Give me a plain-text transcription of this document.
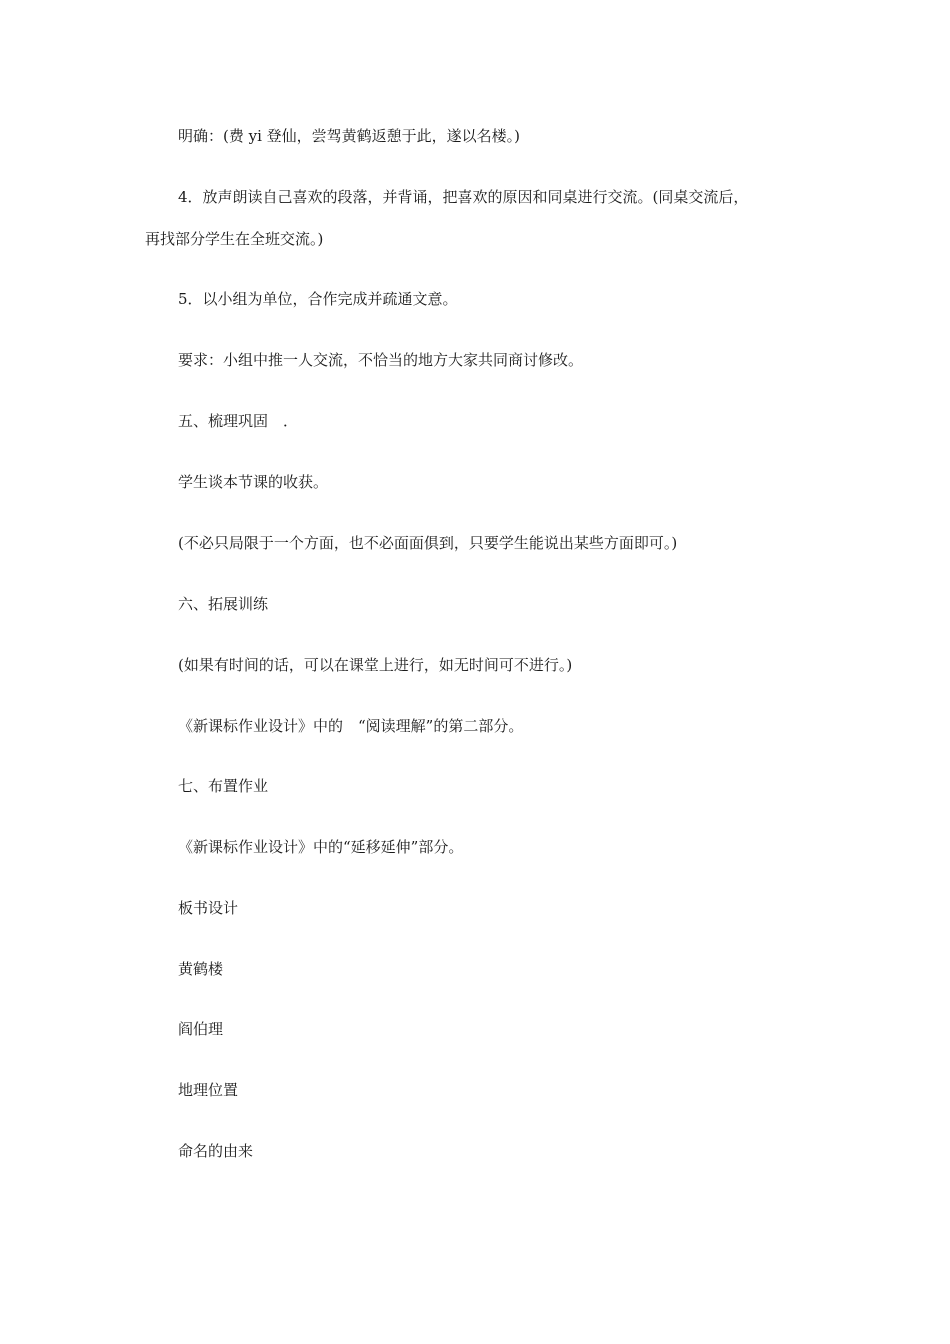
明确：(费 yi 登仙，尝驾黄鹤返憩于此，遂以名楼。)
4．放声朗读自己喜欢的段落，并背诵，把喜欢的原因和同桌进行交流。(同桌交流后，
再找部分学生在全班交流。)
5．以小组为单位，合作完成并疏通文意。
要求：小组中推一人交流，不恰当的地方大家共同商讨修改。
五、梳理巩固　．
学生谈本节课的收获。
(不必只局限于一个方面，也不必面面俱到，只要学生能说出某些方面即可。)
六、拓展训练
(如果有时间的话，可以在课堂上进行，如无时间可不进行。)
《新课标作业设计》中的　“阅读理解”的第二部分。
七、布置作业
《新课标作业设计》中的“延移延伸”部分。
板书设计
黄鹤楼
阎伯理
地理位置
命名的由来
